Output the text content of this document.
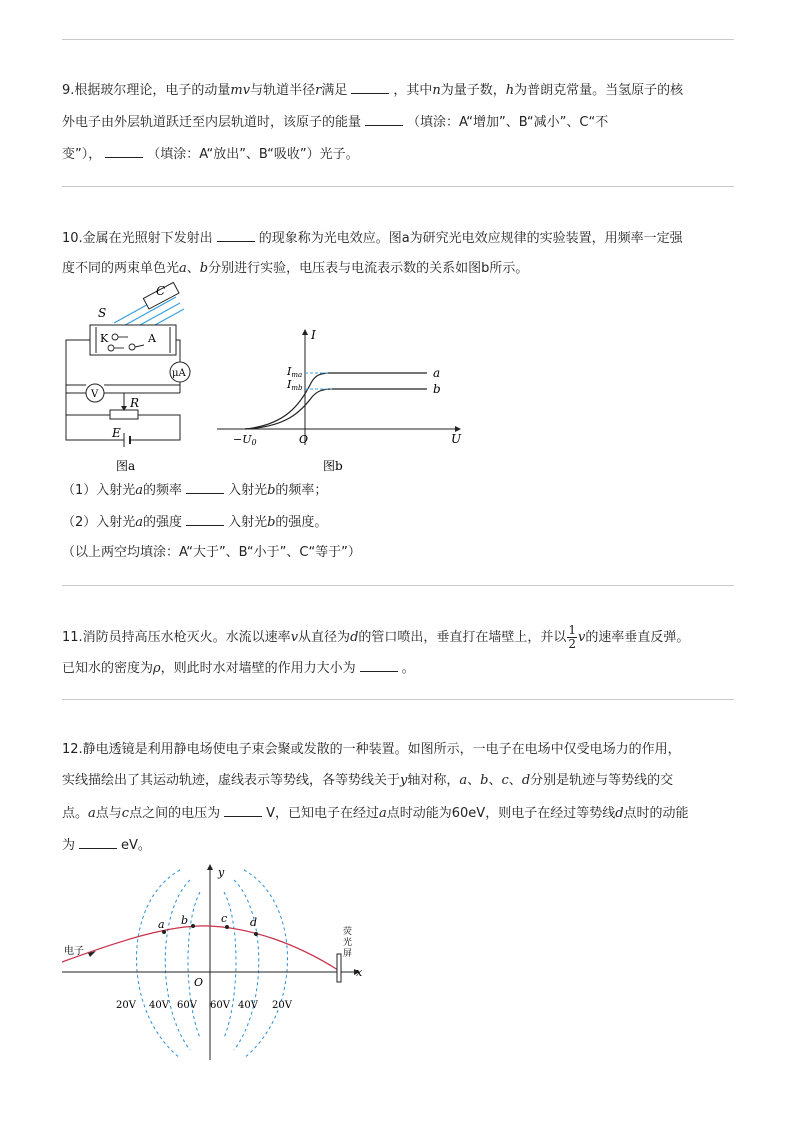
9.根据玻尔理论，电子的动量mv与轨道半径r满足	，其中n为量子数，h为普朗克常量。当氢原子的核
外电子由外层轨道跃迁至内层轨道时，该原子的能量	（填涂：A“增加”、B“减小”、C“不
变”），	（填涂：A“放出”、B“吸收”）光子。
10.金属在光照射下发射出	的现象称为光电效应。图a为研究光电效应规律的实验装置，用频率一定强
度不同的两束单色光a、b分别进行实验，电压表与电流表示数的关系如图b所示。
C
S
K	A
μA
V
R
E
图a
I
U
O
−U0
Ima
Imb
a
b
图b
（1）入射光a的频率	入射光b的频率；
（2）入射光a的强度	入射光b的强度。
（以上两空均填涂：A“大于”、B“小于”、C“等于”）
11.消防员持高压水枪灭火。水流以速率v从直径为d的管口喷出，垂直打在墙壁上，并以 $\frac{1}{2}$ v的速率垂直反弹。
已知水的密度为ρ，则此时水对墙壁的作用力大小为	。
12.静电透镜是利用静电场使电子束会聚或发散的一种装置。如图所示，一电子在电场中仅受电场力的作用，
实线描绘出了其运动轨迹，虚线表示等势线，各等势线关于y轴对称，a、b、c、d分别是轨迹与等势线的交
点。a点与c点之间的电压为	V，已知电子在经过a点时动能为60eV，则电子在经过等势线d点时的动能
为	eV。
y
x
O
电子
a b	c d
荧
光
屏
20V 40V 60V 60V 40V 20V
